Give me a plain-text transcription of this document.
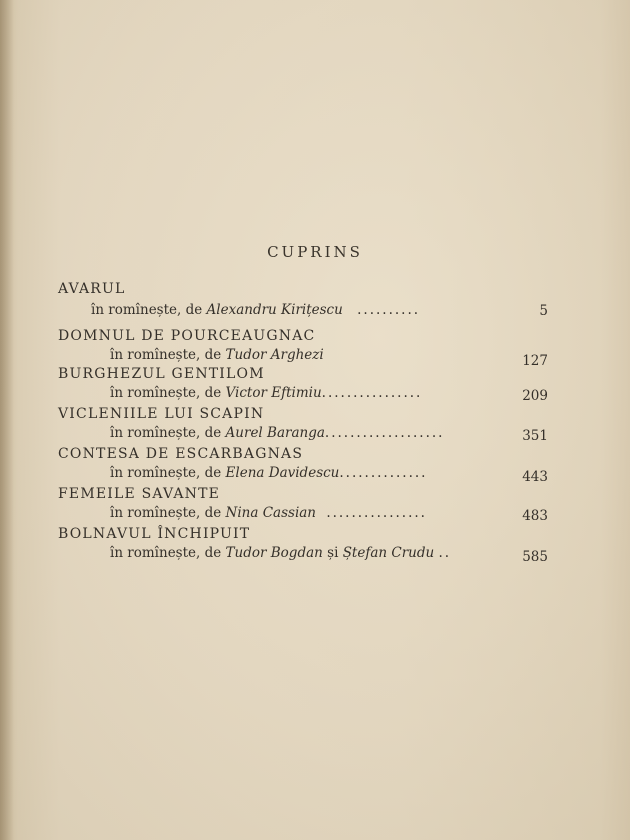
CUPRINS
AVARUL
în romînește, de Alexandru Kirițescu ..........	5
DOMNUL DE POURCEAUGNAC
în romînește, de Tudor Arghezi	127
BURGHEZUL GENTILOM
în romînește, de Victor Eftimiu................	209
VICLENIILE LUI SCAPIN
în romînește, de Aurel Baranga...................	351
CONTESA DE ESCARBAGNAS
în romînește, de Elena Davidescu..............	443
FEMEILE SAVANTE
în romînește, de Nina Cassian ................	483
BOLNAVUL ÎNCHIPUIT
în romînește, de Tudor Bogdan și Ștefan Crudu ..	585
